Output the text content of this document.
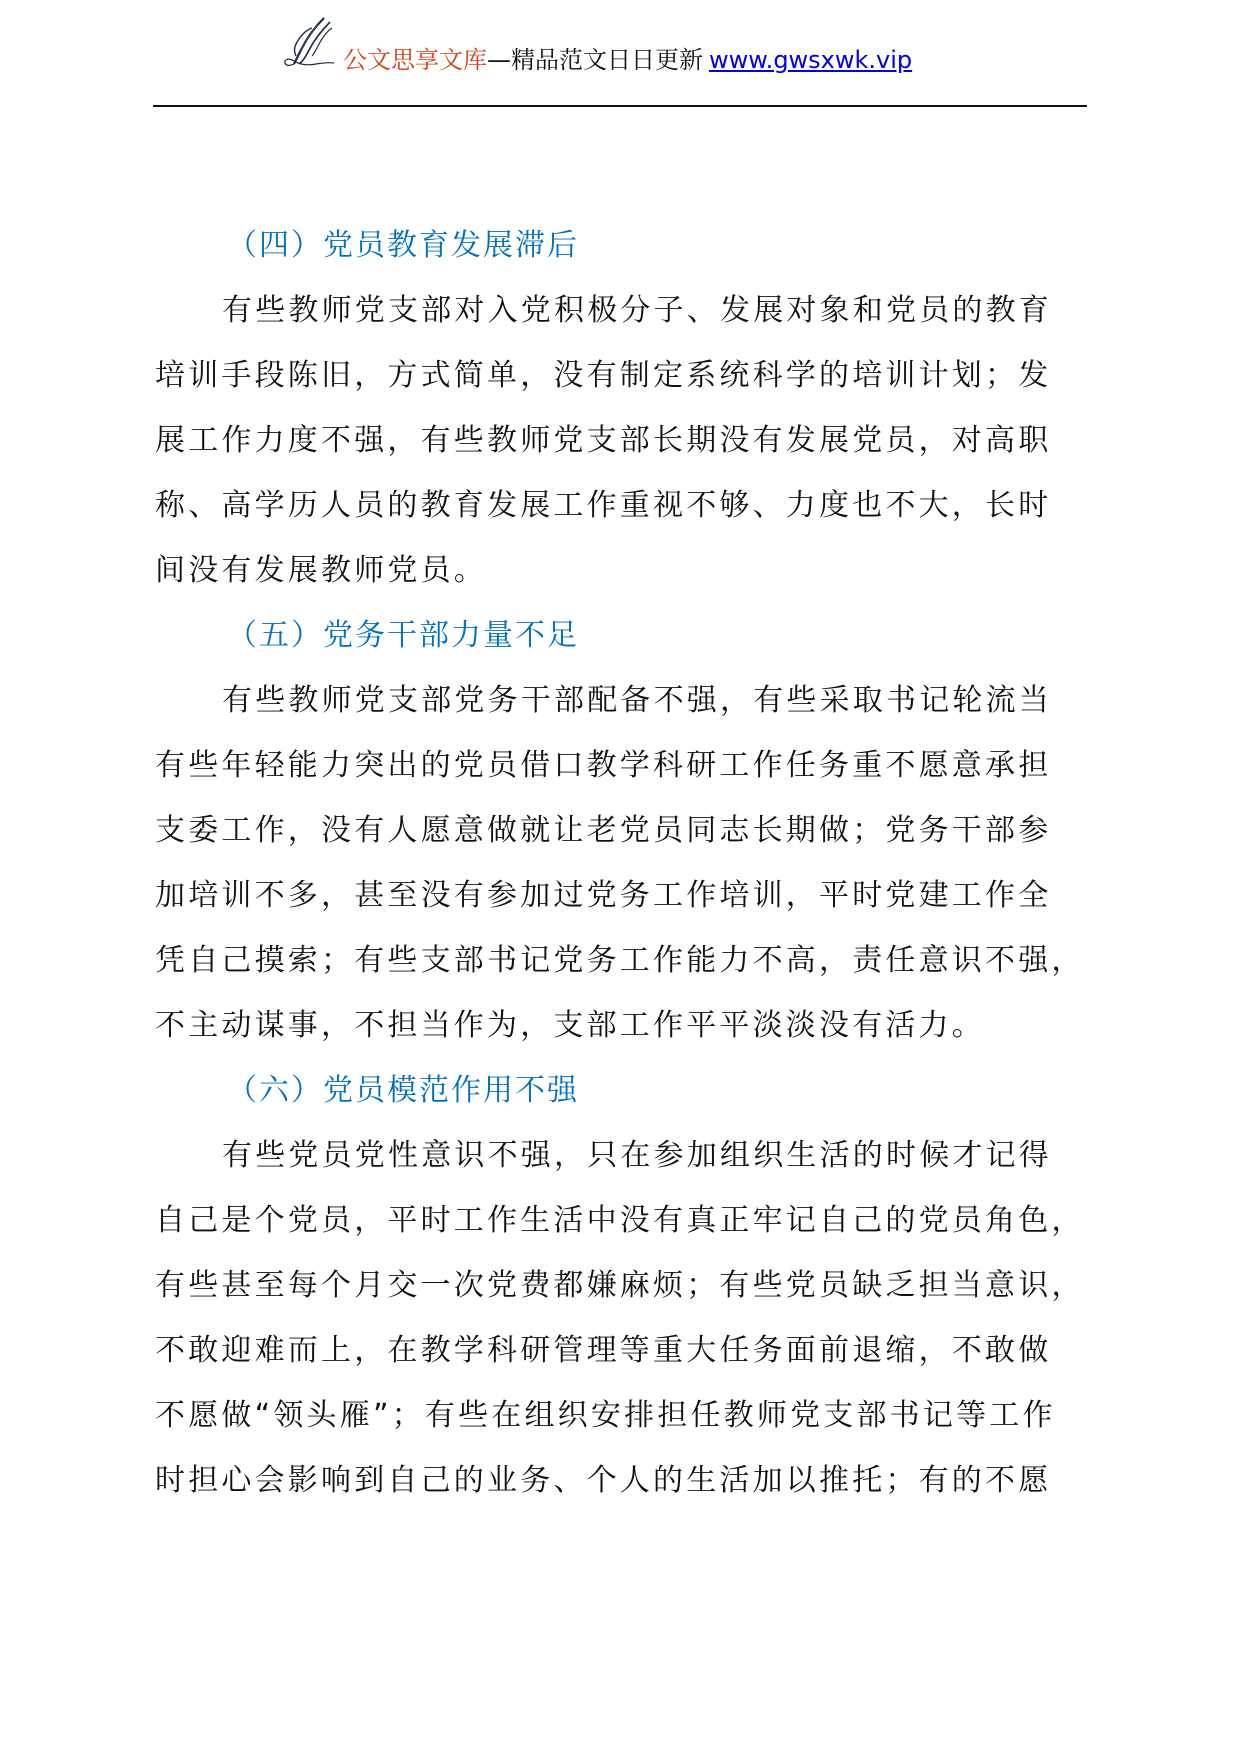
公文思享文库—精品范文日日更新 www.gwsxwk.vip
（四）党员教育发展滞后
有些教师党支部对入党积极分子、发展对象和党员的教育
培训手段陈旧，方式简单，没有制定系统科学的培训计划；发
展工作力度不强，有些教师党支部长期没有发展党员，对高职
称、高学历人员的教育发展工作重视不够、力度也不大，长时
间没有发展教师党员。
（五）党务干部力量不足
有些教师党支部党务干部配备不强，有些采取书记轮流当
有些年轻能力突出的党员借口教学科研工作任务重不愿意承担
支委工作，没有人愿意做就让老党员同志长期做；党务干部参
加培训不多，甚至没有参加过党务工作培训，平时党建工作全
凭自己摸索；有些支部书记党务工作能力不高，责任意识不强，
不主动谋事，不担当作为，支部工作平平淡淡没有活力。
（六）党员模范作用不强
有些党员党性意识不强，只在参加组织生活的时候才记得
自己是个党员，平时工作生活中没有真正牢记自己的党员角色，
有些甚至每个月交一次党费都嫌麻烦；有些党员缺乏担当意识，
不敢迎难而上，在教学科研管理等重大任务面前退缩，不敢做
不愿做“领头雁”；有些在组织安排担任教师党支部书记等工作
时担心会影响到自己的业务、个人的生活加以推托；有的不愿
